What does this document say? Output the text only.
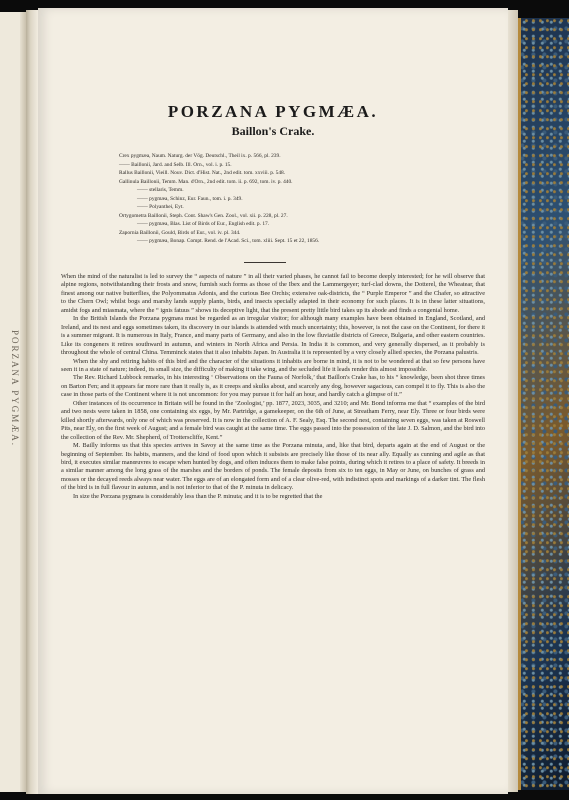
PORZANA PYGMÆA.
PORZANA PYGMÆA.
Baillon's Crake.
Crex pygmæa, Naum. Naturg. der Vög. Deutschl., Theil ix. p. 566, pl. 239.
—— Baillonii, Jard. and Selb. Ill. Orn., vol. i. p. 15.
Rallus Baillonii, Vieill. Nouv. Dict. d'Hist. Nat., 2nd edit. tom. xxviii. p. 548.
Gallinula Baillonii, Temm. Man. d'Orn., 2nd edit. tom. ii. p. 692, tom. iv. p. 440.
—— stellaris, Temm.
—— pygmæa, Schinz, Eur. Faun., tom. i. p. 349.
—— Polyanthei, Eyt.
Ortygometra Baillonii, Steph. Cont. Shaw's Gen. Zool., vol. xii. p. 228, pl. 27.
—— pygmæa, Blas. List of Birds of Eur., English edit. p. 17.
Zapornia Baillonii, Gould, Birds of Eur., vol. iv. pl. 344.
—— pygmæa, Bonap. Compt. Rend. de l'Acad. Sci., tom. xliii. Sept. 15 et 22, 1856.

When the mind of the naturalist is led to survey the “ aspects of nature ” in all their varied phases, he cannot fail to become deeply interested; for he will observe that alpine regions, notwithstanding their frosts and snow, furnish such forms as those of the Ibex and the Lammergeyer; turf-clad downs, the Dotterel, the Wheatear, that finest among our native butterflies, the Polyommatus Adonis, and the curious Bee Orchis; extensive oak-districts, the “ Purple Emperor ” and the Chafer, so attractive to the Chern Owl; whilst bogs and marshy lands supply plants, birds, and insects specially adapted in their economy for such places. It is in these latter situations, amidst fogs and miasmata, where the “ ignis fatuus ” shows its deceptive light, that the present pretty little bird takes up its abode and finds a congenial home.

In the British Islands the Porzana pygmæa must be regarded as an irregular visitor; for although many examples have been obtained in England, Scotland, and Ireland, and its nest and eggs sometimes taken, its discovery in our islands is attended with much uncertainty; this, however, is not the case on the Continent, for there it is a summer migrant. It is numerous in Italy, France, and many parts of Germany, and also in the low fluviatile districts of Greece, Bulgaria, and other eastern countries. Like its congeners it retires southward in autumn, and winters in North Africa and Persia. In India it is common, and very generally dispersed, as it probably is throughout the whole of central China. Temminck states that it also inhabits Japan. In Australia it is represented by a very closely allied species, the Porzana palustris.

When the shy and retiring habits of this bird and the character of the situations it inhabits are borne in mind, it is not to be wondered at that so few persons have seen it in a state of nature; indeed, its small size, the difficulty of making it take wing, and the secluded life it leads render this almost impossible.

The Rev. Richard Lubbock remarks, in his interesting ‘ Observations on the Fauna of Norfolk,’ that Baillon's Crake has, to his “ knowledge, been shot three times on Barton Fen; and it appears far more rare than it really is, as it creeps and skulks about, and scarcely any dog, however sagacious, can compel it to fly. This is also the case in those parts of the Continent where it is not uncommon: for you may pursue it for half an hour, and hardly catch a glimpse of it.”

Other instances of its occurrence in Britain will be found in the ‘Zoologist,’ pp. 1877, 2023, 3035, and 3210; and Mr. Bond informs me that “ examples of the bird and two nests were taken in 1858, one containing six eggs, by Mr. Partridge, a gamekeeper, on the 6th of June, at Streatham Ferry, near Ely. Three or four birds were killed shortly afterwards, only one of which was preserved. It is now in the collection of A. F. Sealy, Esq. The second nest, containing seven eggs, was taken at Roswell Pits, near Ely, on the first week of August; and a female bird was caught at the same time. The eggs passed into the possession of the late J. D. Salmon, and the bird into the collection of the Rev. Mr. Shepherd, of Trotterscliffe, Kent.”

M. Bailly informs us that this species arrives in Savoy at the same time as the Porzana minuta, and, like that bird, departs again at the end of August or the beginning of September. Its habits, manners, and the kind of food upon which it subsists are precisely like those of its near ally. Equally as cunning and agile as that bird, it executes similar manœuvres to escape when hunted by dogs, and often induces them to make false points, during which it retires to a place of safety. It breeds in a similar manner among the long grass of the marshes and the borders of ponds. The female deposits from six to ten eggs, in May or June, on bunches of grass and mosses or the decayed reeds always near water. The eggs are of an elongated form and of a clear olive-red, with indistinct spots and markings of a darker tint. The flesh of the bird is in full flavour in autumn, and is not inferior to that of the P. minuta in delicacy.

In size the Porzana pygmæa is considerably less than the P. minuta; and it is to be regretted that the
